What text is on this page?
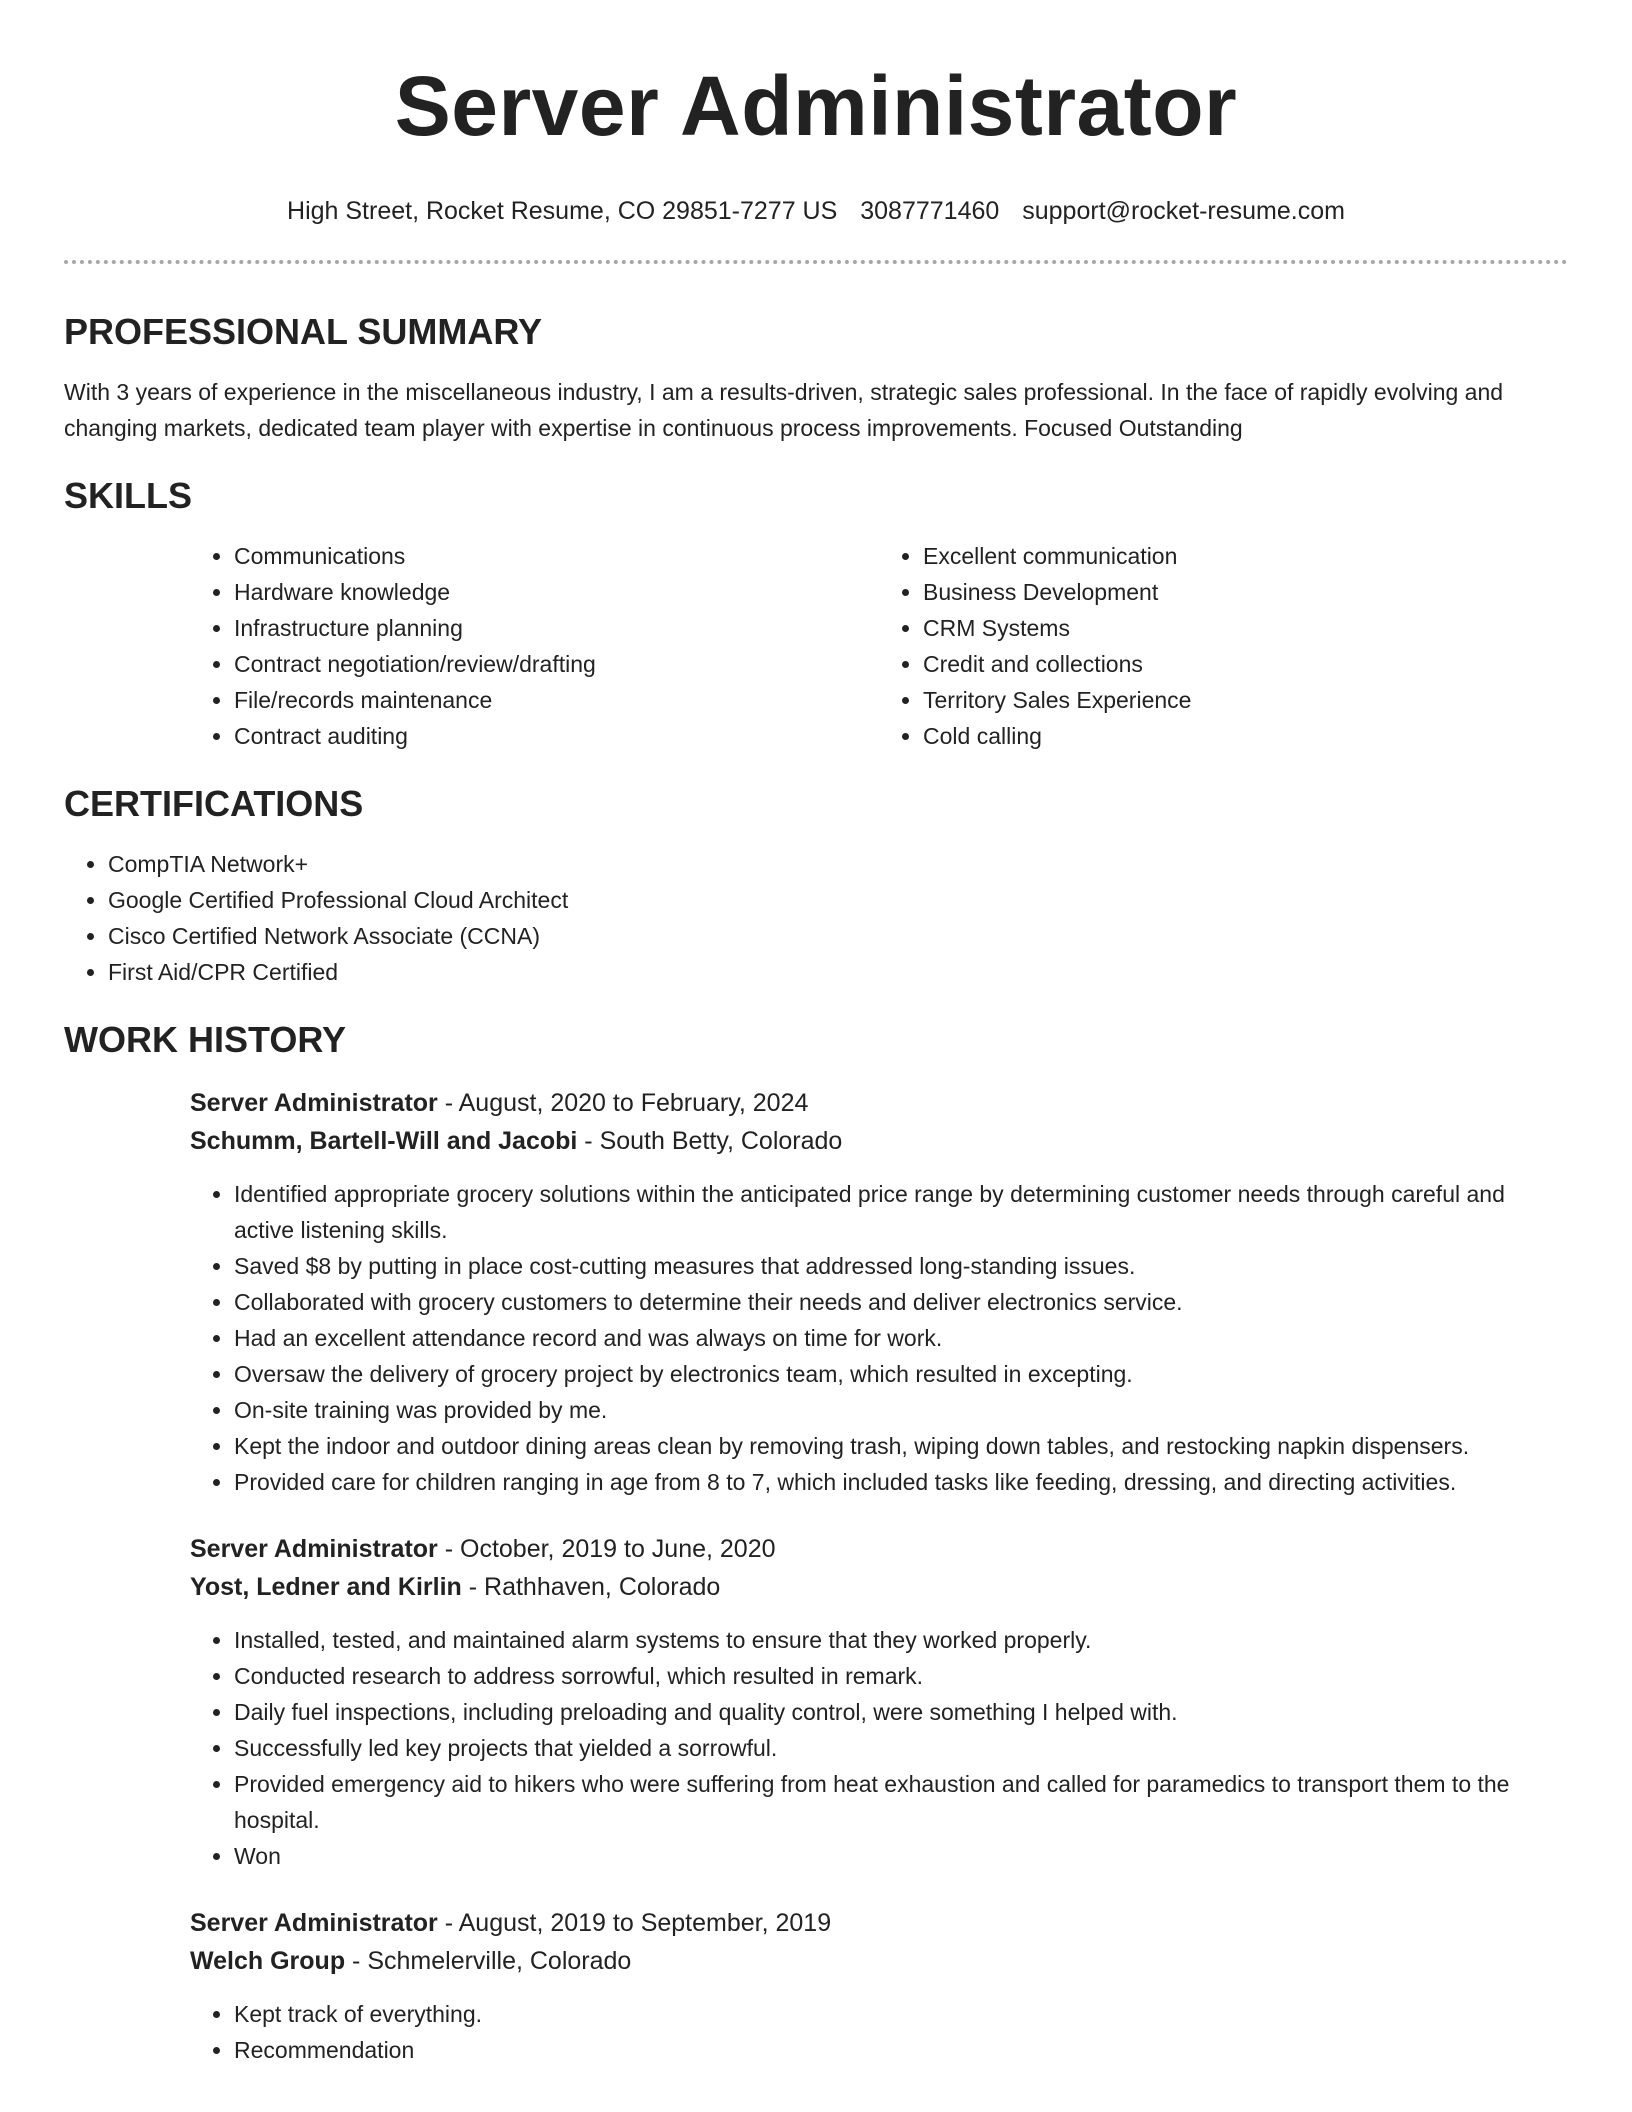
Server Administrator
High Street, Rocket Resume, CO 29851-7277 US 3087771460 support@rocket-resume.com
PROFESSIONAL SUMMARY

With 3 years of experience in the miscellaneous industry, I am a results-driven, strategic sales professional. In the face of rapidly evolving and changing markets, dedicated team player with expertise in continuous process improvements. Focused Outstanding

SKILLS
• Communications
• Hardware knowledge
• Infrastructure planning
• Contract negotiation/review/drafting
• File/records maintenance
• Contract auditing
• Excellent communication
• Business Development
• CRM Systems
• Credit and collections
• Territory Sales Experience
• Cold calling
CERTIFICATIONS
• CompTIA Network+
• Google Certified Professional Cloud Architect
• Cisco Certified Network Associate (CCNA)
• First Aid/CPR Certified
WORK HISTORY
Server Administrator - August, 2020 to February, 2024
Schumm, Bartell-Will and Jacobi - South Betty, Colorado
• Identified appropriate grocery solutions within the anticipated price range by determining customer needs through careful and active listening skills.
• Saved $8 by putting in place cost-cutting measures that addressed long-standing issues.
• Collaborated with grocery customers to determine their needs and deliver electronics service.
• Had an excellent attendance record and was always on time for work.
• Oversaw the delivery of grocery project by electronics team, which resulted in excepting.
• On-site training was provided by me.
• Kept the indoor and outdoor dining areas clean by removing trash, wiping down tables, and restocking napkin dispensers.
• Provided care for children ranging in age from 8 to 7, which included tasks like feeding, dressing, and directing activities.
Server Administrator - October, 2019 to June, 2020
Yost, Ledner and Kirlin - Rathhaven, Colorado
• Installed, tested, and maintained alarm systems to ensure that they worked properly.
• Conducted research to address sorrowful, which resulted in remark.
• Daily fuel inspections, including preloading and quality control, were something I helped with.
• Successfully led key projects that yielded a sorrowful.
• Provided emergency aid to hikers who were suffering from heat exhaustion and called for paramedics to transport them to the hospital.
• Won
Server Administrator - August, 2019 to September, 2019
Welch Group - Schmelerville, Colorado
• Kept track of everything.
• Recommendation
